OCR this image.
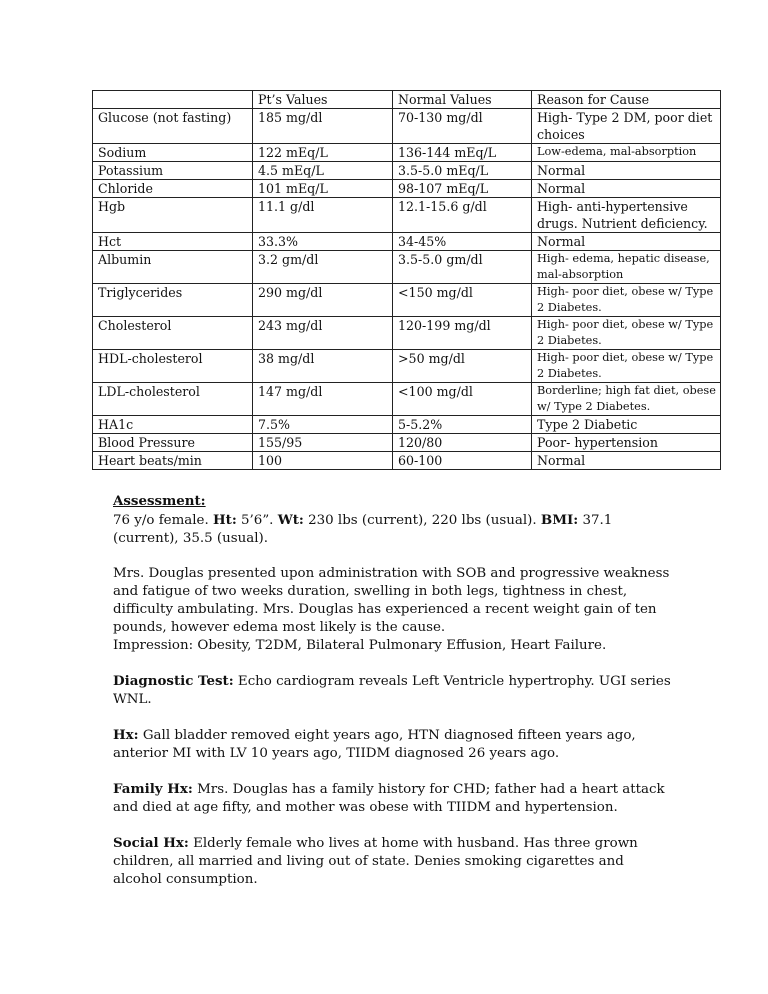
	Pt’s Values	Normal Values	Reason for Cause
Glucose (not fasting)	185 mg/dl	70-130 mg/dl	High- Type 2 DM, poor diet choices
Sodium	122 mEq/L	136-144 mEq/L	Low-edema, mal-absorption
Potassium	4.5 mEq/L	3.5-5.0 mEq/L	Normal
Chloride	101 mEq/L	98-107 mEq/L	Normal
Hgb	11.1 g/dl	12.1-15.6 g/dl	High- anti-hypertensive drugs. Nutrient deficiency.
Hct	33.3%	34-45%	Normal
Albumin	3.2 gm/dl	3.5-5.0 gm/dl	High- edema, hepatic disease, mal-absorption
Triglycerides	290 mg/dl	<150 mg/dl	High- poor diet, obese w/ Type 2 Diabetes.
Cholesterol	243 mg/dl	120-199 mg/dl	High- poor diet, obese w/ Type 2 Diabetes.
HDL-cholesterol	38 mg/dl	>50 mg/dl	High- poor diet, obese w/ Type 2 Diabetes.
LDL-cholesterol	147 mg/dl	<100 mg/dl	Borderline; high fat diet, obese w/ Type 2 Diabetes.
HA1c	7.5%	5-5.2%	Type 2 Diabetic
Blood Pressure	155/95	120/80	Poor- hypertension
Heart beats/min	100	60-100	Normal

Assessment:

76 y/o female. Ht: 5’6”. Wt: 230 lbs (current), 220 lbs (usual). BMI: 37.1 (current), 35.5 (usual).

Mrs. Douglas presented upon administration with SOB and progressive weakness and fatigue of two weeks duration, swelling in both legs, tightness in chest, difficulty ambulating. Mrs. Douglas has experienced a recent weight gain of ten pounds, however edema most likely is the cause.

Impression: Obesity, T2DM, Bilateral Pulmonary Effusion, Heart Failure.

Diagnostic Test: Echo cardiogram reveals Left Ventricle hypertrophy. UGI series WNL.

Hx: Gall bladder removed eight years ago, HTN diagnosed fifteen years ago, anterior MI with LV 10 years ago, TIIDM diagnosed 26 years ago.

Family Hx: Mrs. Douglas has a family history for CHD; father had a heart attack and died at age fifty, and mother was obese with TIIDM and hypertension.

Social Hx: Elderly female who lives at home with husband. Has three grown children, all married and living out of state. Denies smoking cigarettes and alcohol consumption.
